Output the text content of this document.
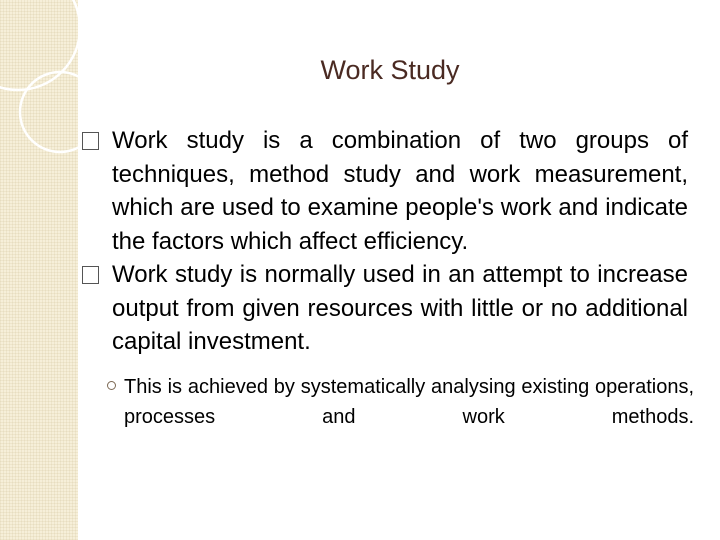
Work Study

Work study is a combination of two groups of techniques, method study and work measurement, which are used to examine people's work and indicate the factors which affect efficiency.

Work study is normally used in an attempt to increase output from given resources with little or no additional capital investment.

This is achieved by systematically analysing existing operations, processes and work methods.
